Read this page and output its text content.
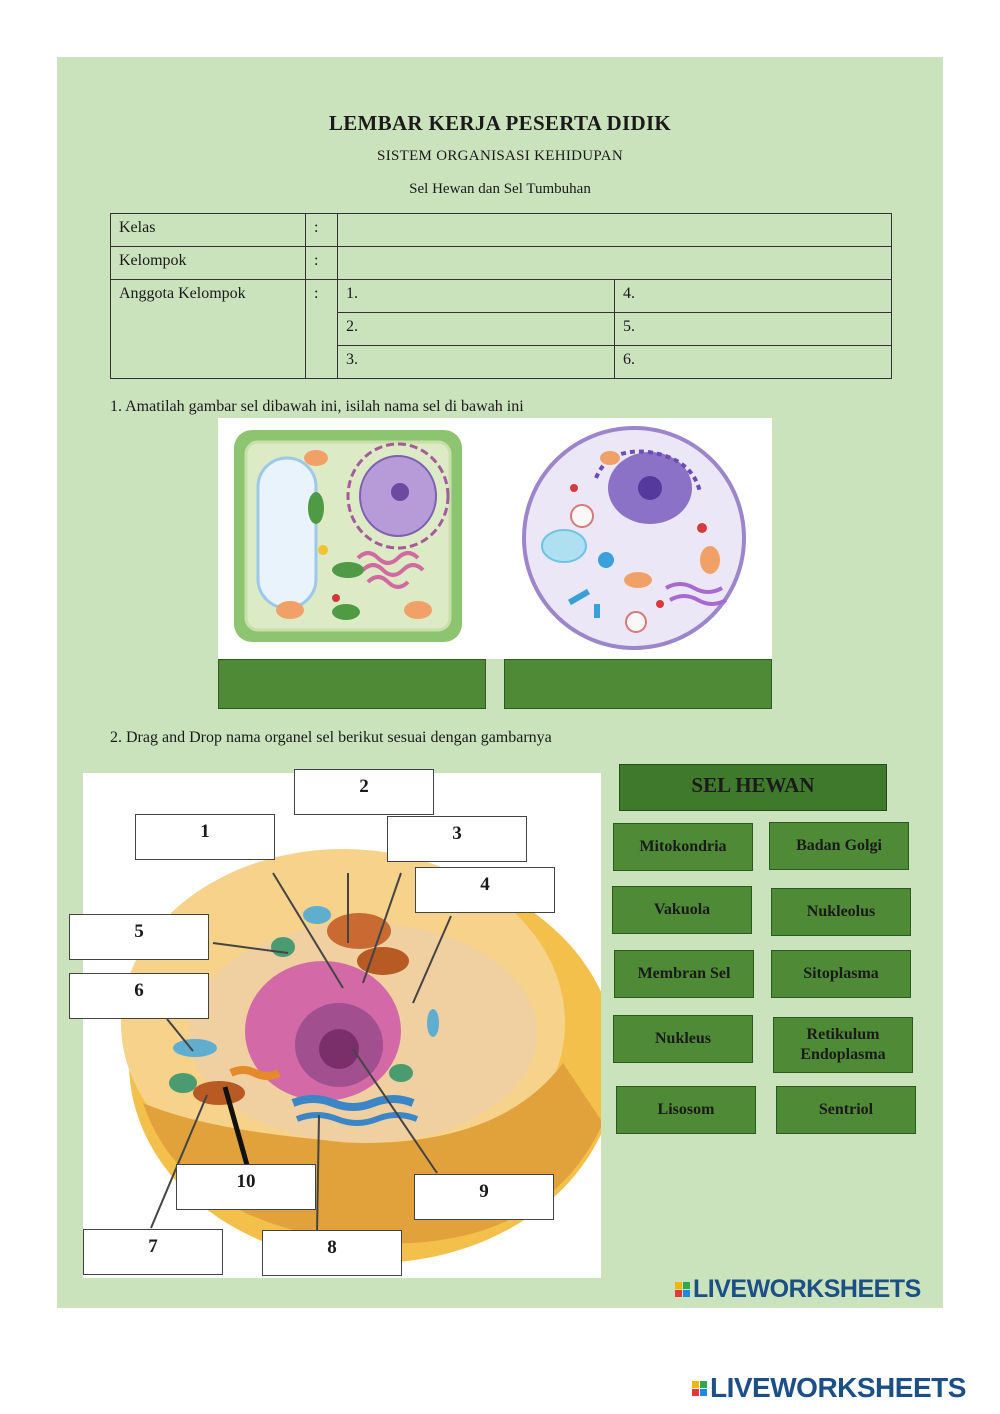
LEMBAR KERJA PESERTA DIDIK
SISTEM ORGANISASI KEHIDUPAN
Sel Hewan dan Sel Tumbuhan
Kelas	:		
Kelompok	:		
Anggota Kelompok	:	1.	4.
		2.	5.
		3.	6.
1. Amatilah gambar sel dibawah ini, isilah nama sel di bawah ini
2. Drag and Drop nama organel sel berikut sesuai dengan gambarnya
2
1	3
4
5
6
10	9
7	8
SEL HEWAN
Mitokondria	Badan Golgi
Vakuola	Nukleolus
Membran Sel	Sitoplasma
Nukleus	Retikulum Endoplasma
Lisosom	Sentriol
LIVEWORKSHEETS
LIVEWORKSHEETS
